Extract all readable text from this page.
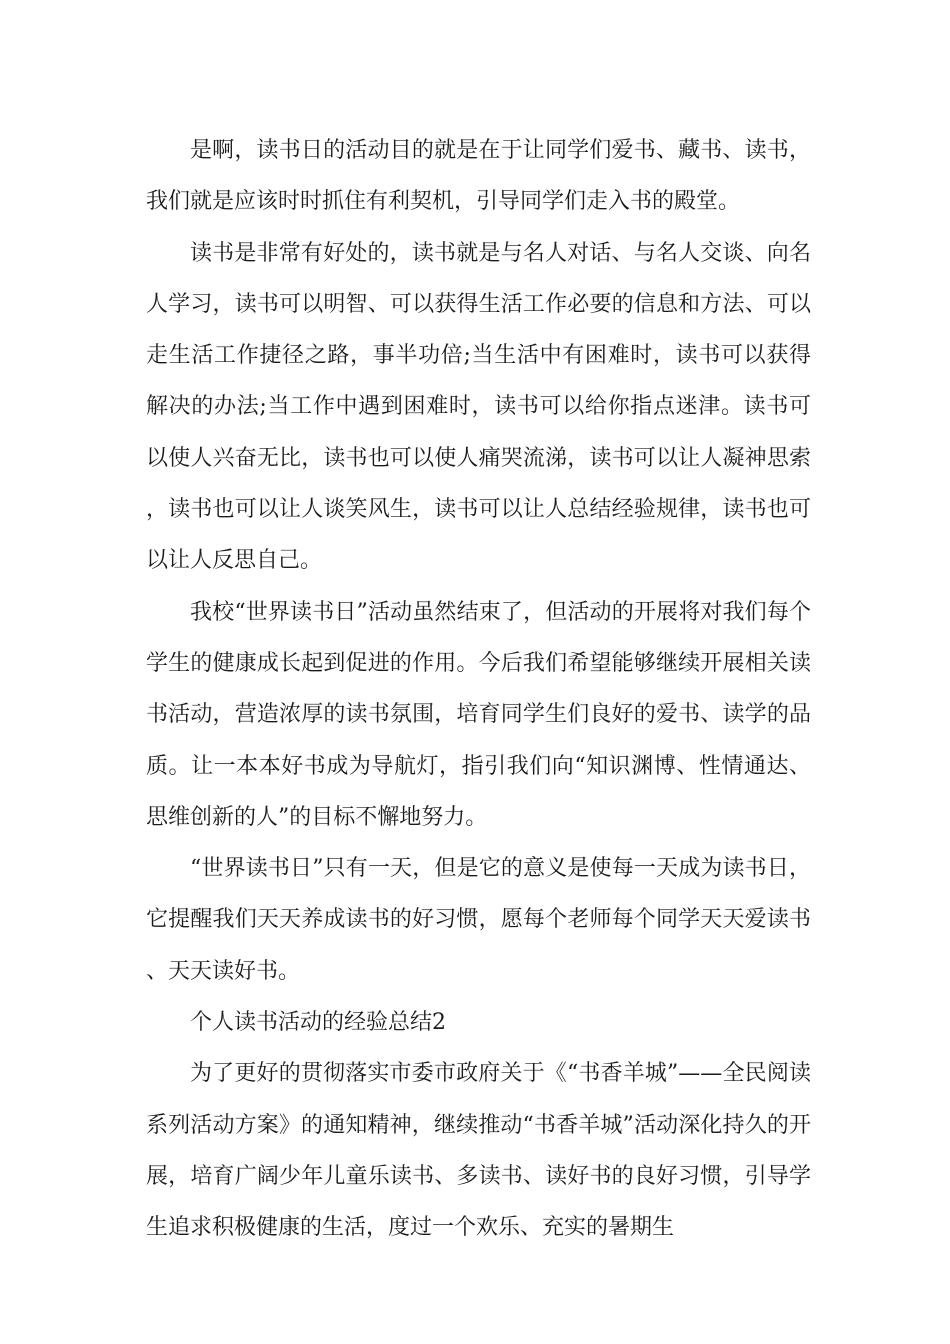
是啊，读书日的活动目的就是在于让同学们爱书、藏书、读书，我们就是应该时时抓住有利契机，引导同学们走入书的殿堂。

读书是非常有好处的，读书就是与名人对话、与名人交谈、向名人学习，读书可以明智、可以获得生活工作必要的信息和方法、可以走生活工作捷径之路，事半功倍;当生活中有困难时，读书可以获得解决的办法;当工作中遇到困难时，读书可以给你指点迷津。读书可以使人兴奋无比，读书也可以使人痛哭流涕，读书可以让人凝神思索，读书也可以让人谈笑风生，读书可以让人总结经验规律，读书也可以让人反思自己。

我校“世界读书日”活动虽然结束了，但活动的开展将对我们每个学生的健康成长起到促进的作用。今后我们希望能够继续开展相关读书活动，营造浓厚的读书氛围，培育同学生们良好的爱书、读学的品质。让一本本好书成为导航灯，指引我们向“知识渊博、性情通达、思维创新的人”的目标不懈地努力。

“世界读书日”只有一天，但是它的意义是使每一天成为读书日，它提醒我们天天养成读书的好习惯，愿每个老师每个同学天天爱读书、天天读好书。

个人读书活动的经验总结2

为了更好的贯彻落实市委市政府关于《“书香羊城”——全民阅读系列活动方案》的通知精神，继续推动“书香羊城”活动深化持久的开展，培育广阔少年儿童乐读书、多读书、读好书的良好习惯，引导学生追求积极健康的生活，度过一个欢乐、充实的暑期生
